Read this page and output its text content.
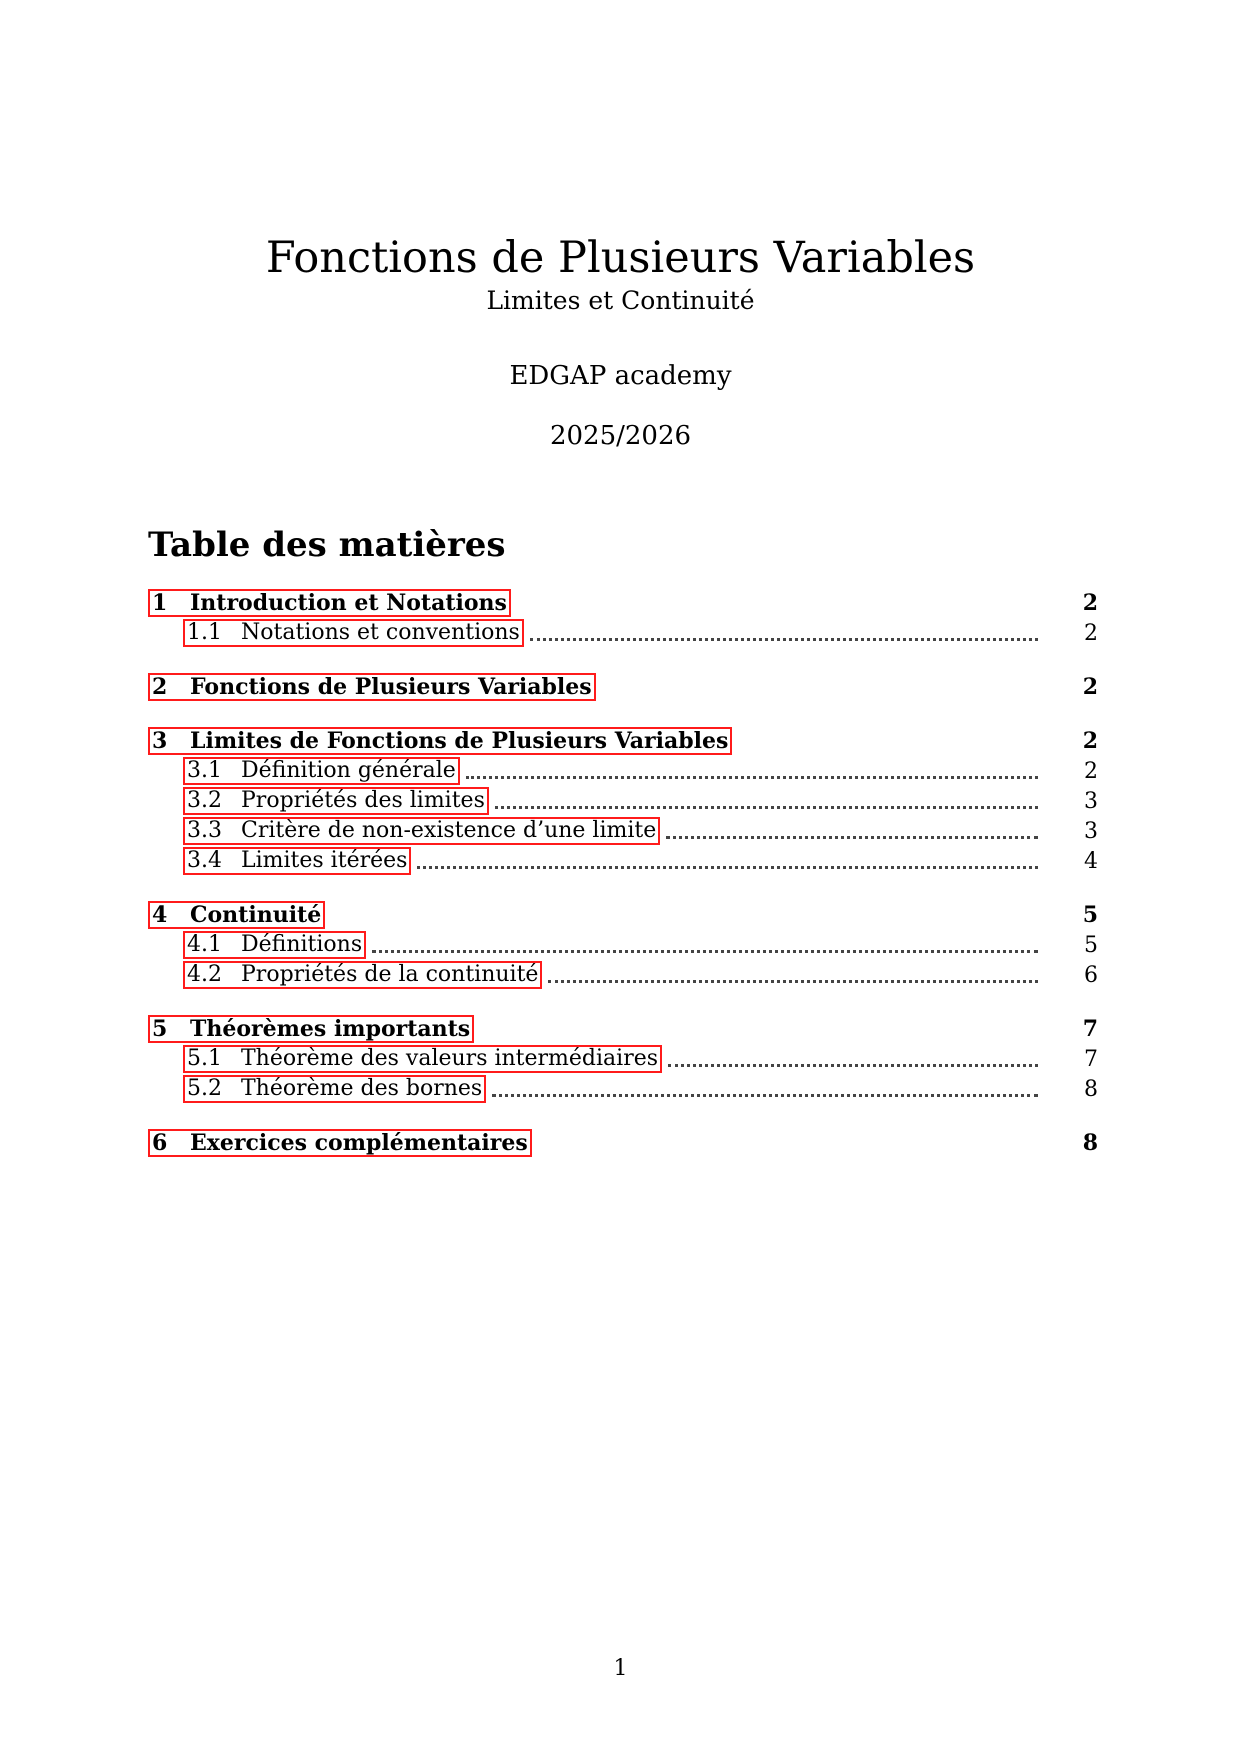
Fonctions de Plusieurs Variables
Limites et Continuité
EDGAP academy
2025/2026
Table des matières
1	Introduction et Notations	2
1.1 Notations et conventions	2
2	Fonctions de Plusieurs Variables	2
3	Limites de Fonctions de Plusieurs Variables	2
3.1 Définition générale	2
3.2 Propriétés des limites	3
3.3 Critère de non-existence d’une limite	3
3.4 Limites itérées	4
4	Continuité	5
4.1 Définitions	5
4.2 Propriétés de la continuité	6
5	Théorèmes importants	7
5.1 Théorème des valeurs intermédiaires	7
5.2 Théorème des bornes	8
6	Exercices complémentaires	8
1
